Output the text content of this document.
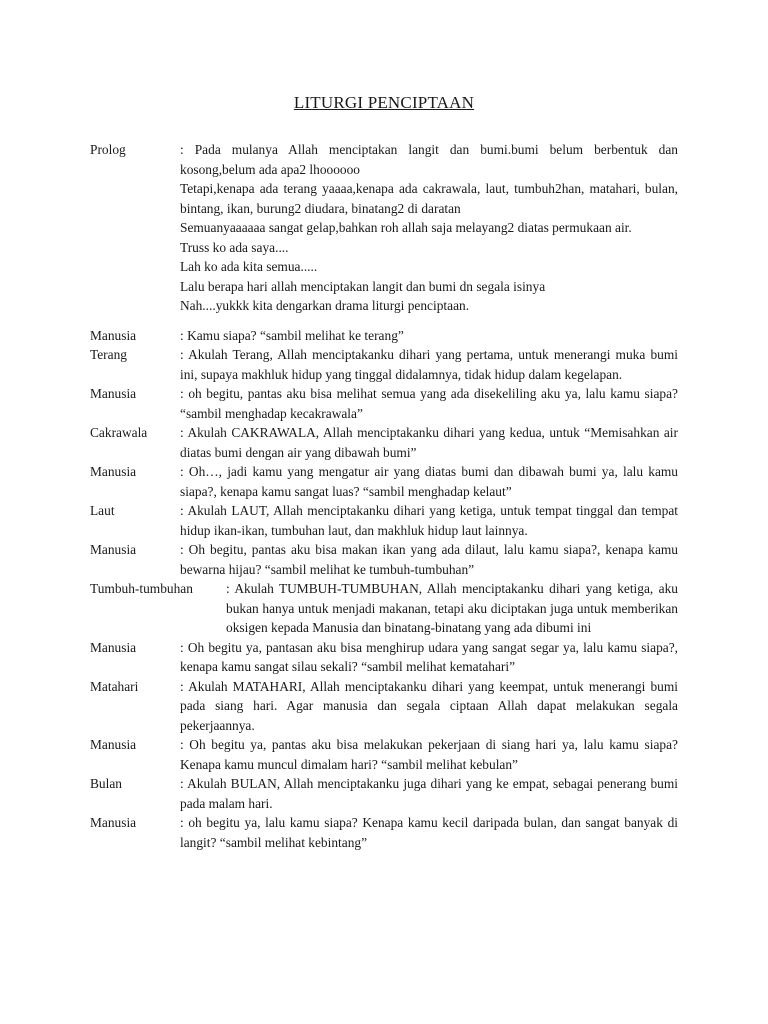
LITURGI PENCIPTAAN
Prolog	: Pada mulanya Allah menciptakan langit dan bumi.bumi belum berbentuk dan kosong,belum ada apa2 lhoooooo
Tetapi,kenapa ada terang yaaaa,kenapa ada cakrawala, laut, tumbuh2han, matahari, bulan, bintang, ikan, burung2 diudara, binatang2 di daratan
Semuanyaaaaaa sangat gelap,bahkan roh allah saja melayang2 diatas permukaan air.
Truss ko ada saya....
Lah ko ada kita semua.....
Lalu berapa hari allah menciptakan langit dan bumi dn segala isinya
Nah....yukkk kita dengarkan drama liturgi penciptaan.
Manusia	: Kamu siapa? “sambil melihat ke terang”
Terang	: Akulah Terang, Allah menciptakanku dihari yang pertama, untuk menerangi muka bumi ini, supaya makhluk hidup yang tinggal didalamnya, tidak hidup dalam kegelapan.
Manusia	: oh begitu, pantas aku bisa melihat semua yang ada disekeliling aku ya, lalu kamu siapa? “sambil menghadap kecakrawala”
Cakrawala : Akulah CAKRAWALA, Allah menciptakanku dihari yang kedua, untuk “Memisahkan air diatas bumi dengan air yang dibawah bumi”
Manusia	: Oh…, jadi kamu yang mengatur air yang diatas bumi dan dibawah bumi ya, lalu kamu siapa?, kenapa kamu sangat luas? “sambil menghadap kelaut”
Laut	: Akulah LAUT, Allah menciptakanku dihari yang ketiga, untuk tempat tinggal dan tempat hidup ikan-ikan, tumbuhan laut, dan makhluk hidup laut lainnya.
Manusia	: Oh begitu, pantas aku bisa makan ikan yang ada dilaut, lalu kamu siapa?, kenapa kamu bewarna hijau? “sambil melihat ke tumbuh-tumbuhan”
Tumbuh-tumbuhan : Akulah TUMBUH-TUMBUHAN, Allah menciptakanku dihari yang ketiga, aku bukan hanya untuk menjadi makanan, tetapi aku diciptakan juga untuk memberikan oksigen kepada Manusia dan binatang-binatang yang ada dibumi ini
Manusia	: Oh begitu ya, pantasan aku bisa menghirup udara yang sangat segar ya, lalu kamu siapa?, kenapa kamu sangat silau sekali? “sambil melihat kematahari”
Matahari	: Akulah MATAHARI, Allah menciptakanku dihari yang keempat, untuk menerangi bumi pada siang hari. Agar manusia dan segala ciptaan Allah dapat melakukan segala pekerjaannya.
Manusia	: Oh begitu ya, pantas aku bisa melakukan pekerjaan di siang hari ya, lalu kamu siapa? Kenapa kamu muncul dimalam hari? “sambil melihat kebulan”
Bulan	: Akulah BULAN, Allah menciptakanku juga dihari yang ke empat, sebagai penerang bumi pada malam hari.
Manusia	: oh begitu ya, lalu kamu siapa? Kenapa kamu kecil daripada bulan, dan sangat banyak di langit? “sambil melihat kebintang”
